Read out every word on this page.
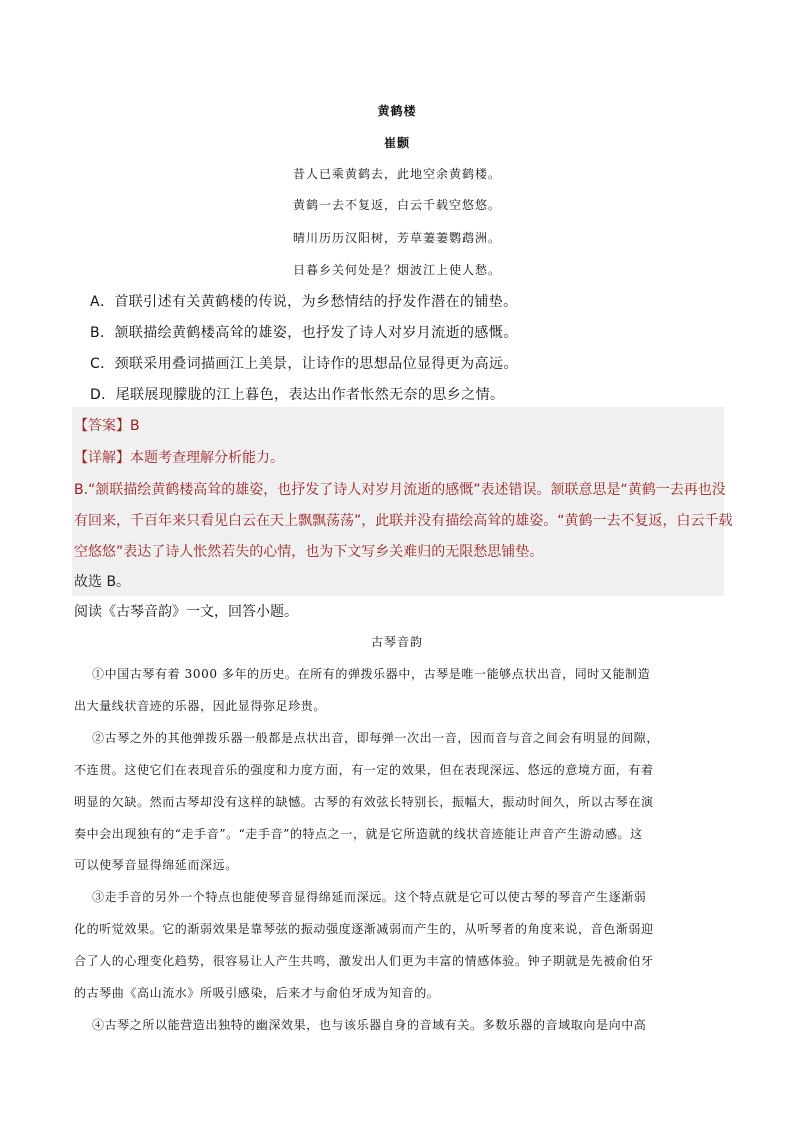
黄鹤楼
崔颢
昔人已乘黄鹤去，此地空余黄鹤楼。
黄鹤一去不复返，白云千载空悠悠。
晴川历历汉阳树，芳草萋萋鹦鹉洲。
日暮乡关何处是？烟波江上使人愁。
A．首联引述有关黄鹤楼的传说，为乡愁情结的抒发作潜在的铺垫。
B．颔联描绘黄鹤楼高耸的雄姿，也抒发了诗人对岁月流逝的感慨。
C．颈联采用叠词描画江上美景，让诗作的思想品位显得更为高远。
D．尾联展现朦胧的江上暮色，表达出作者怅然无奈的思乡之情。
【答案】B
【详解】本题考查理解分析能力。
B.“颔联描绘黄鹤楼高耸的雄姿，也抒发了诗人对岁月流逝的感慨”表述错误。颔联意思是“黄鹤一去再也没
有回来，千百年来只看见白云在天上飘飘荡荡”，此联并没有描绘高耸的雄姿。“黄鹤一去不复返，白云千载
空悠悠”表达了诗人怅然若失的心情，也为下文写乡关难归的无限愁思铺垫。
故选 B。
阅读《古琴音韵》一文，回答小题。
古琴音韵
①中国古琴有着 3000 多年的历史。在所有的弹拨乐器中，古琴是唯一能够点状出音，同时又能制造
出大量线状音迹的乐器，因此显得弥足珍贵。
②古琴之外的其他弹拨乐器一般都是点状出音，即每弹一次出一音，因而音与音之间会有明显的间隙，
不连贯。这使它们在表现音乐的强度和力度方面，有一定的效果，但在表现深远、悠远的意境方面，有着
明显的欠缺。然而古琴却没有这样的缺憾。古琴的有效弦长特别长，振幅大，振动时间久，所以古琴在演
奏中会出现独有的“走手音”。“走手音”的特点之一，就是它所造就的线状音迹能让声音产生游动感。这
可以使琴音显得绵延而深远。
③走手音的另外一个特点也能使琴音显得绵延而深远。这个特点就是它可以使古琴的琴音产生逐渐弱
化的听觉效果。它的渐弱效果是靠琴弦的振动强度逐渐减弱而产生的，从听琴者的角度来说，音色渐弱迎
合了人的心理变化趋势，很容易让人产生共鸣，激发出人们更为丰富的情感体验。钟子期就是先被俞伯牙
的古琴曲《高山流水》所吸引感染，后来才与俞伯牙成为知音的。
④古琴之所以能营造出独特的幽深效果，也与该乐器自身的音域有关。多数乐器的音域取向是向中高
